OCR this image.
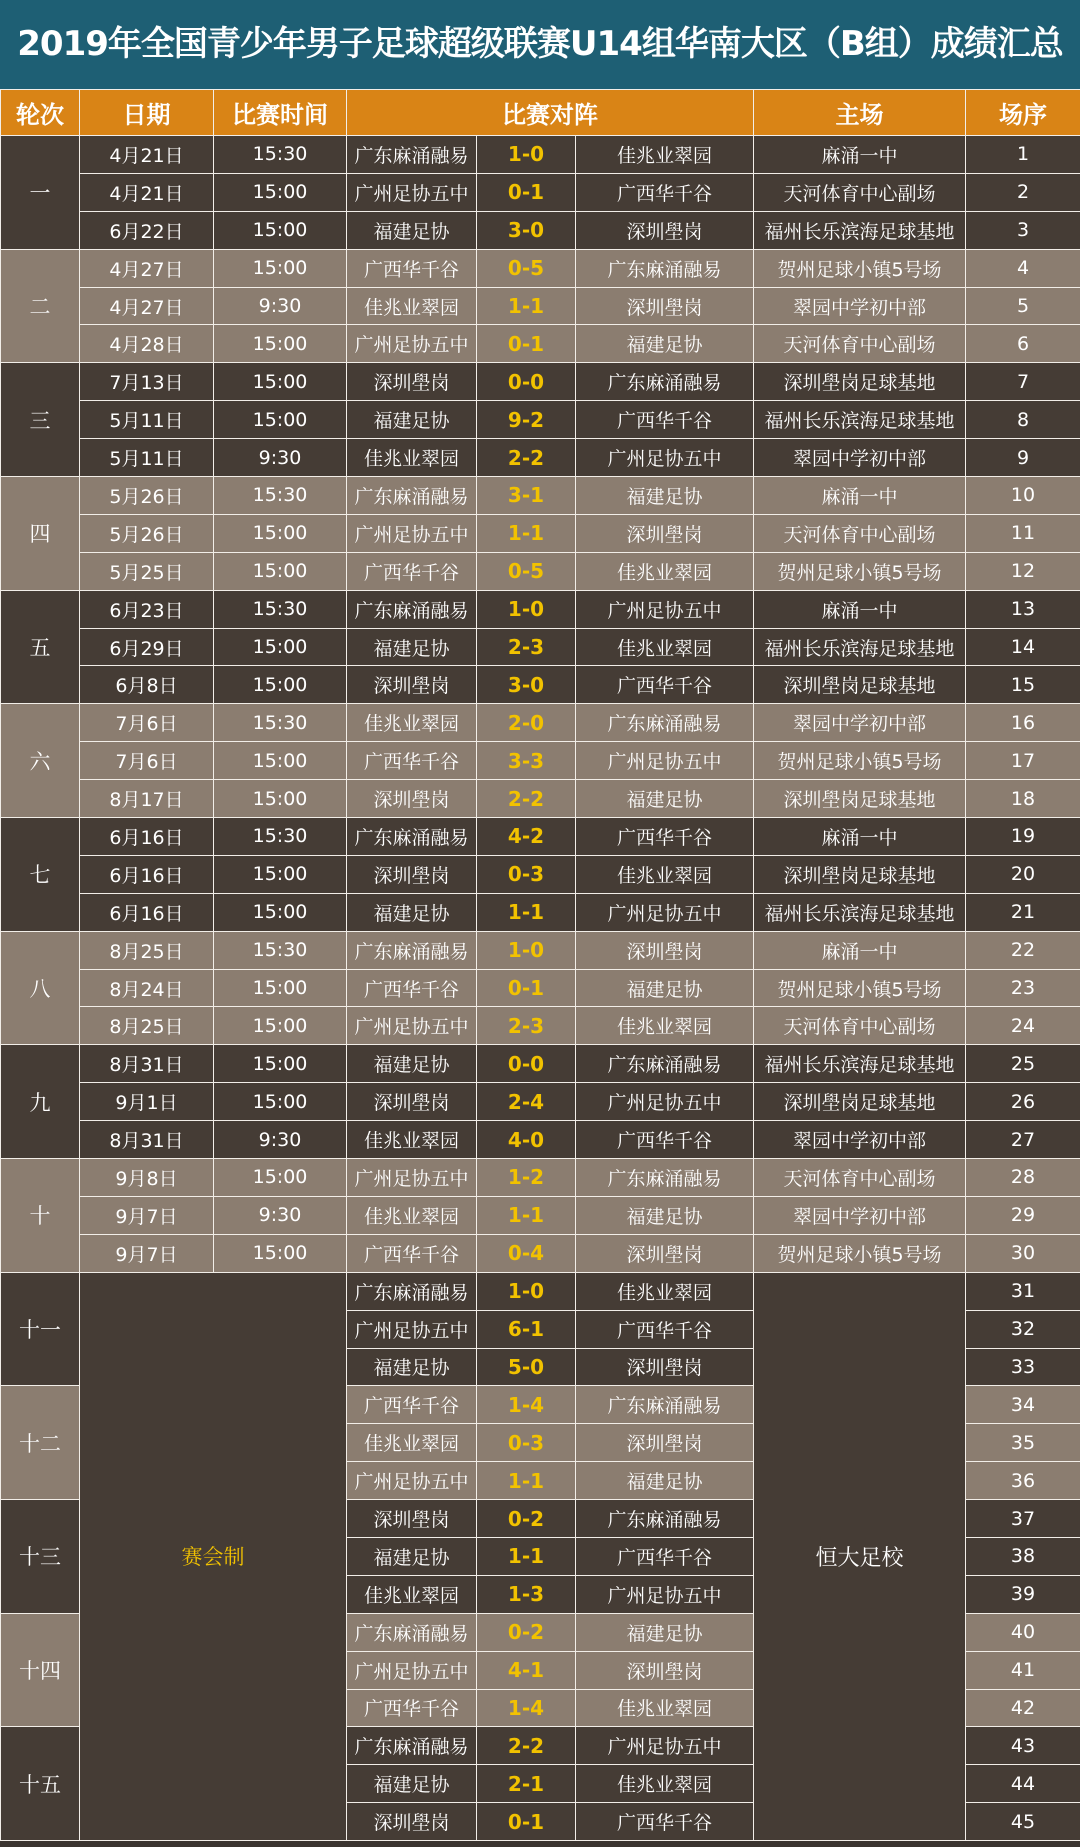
2019年全国青少年男子足球超级联赛U14组华南大区（B组）成绩汇总
轮次	日期	比赛时间	比赛对阵			主场	场序
一	4月21日	15:30	广东麻涌融易	1-0	佳兆业翠园	麻涌一中	1
	4月21日	15:00	广州足协五中	0-1	广西华千谷	天河体育中心副场	2
	6月22日	15:00	福建足协	3-0	深圳壆岗	福州长乐滨海足球基地	3
二	4月27日	15:00	广西华千谷	0-5	广东麻涌融易	贺州足球小镇5号场	4
	4月27日	9:30	佳兆业翠园	1-1	深圳壆岗	翠园中学初中部	5
	4月28日	15:00	广州足协五中	0-1	福建足协	天河体育中心副场	6
三	7月13日	15:00	深圳壆岗	0-0	广东麻涌融易	深圳壆岗足球基地	7
	5月11日	15:00	福建足协	9-2	广西华千谷	福州长乐滨海足球基地	8
	5月11日	9:30	佳兆业翠园	2-2	广州足协五中	翠园中学初中部	9
四	5月26日	15:30	广东麻涌融易	3-1	福建足协	麻涌一中	10
	5月26日	15:00	广州足协五中	1-1	深圳壆岗	天河体育中心副场	11
	5月25日	15:00	广西华千谷	0-5	佳兆业翠园	贺州足球小镇5号场	12
五	6月23日	15:30	广东麻涌融易	1-0	广州足协五中	麻涌一中	13
	6月29日	15:00	福建足协	2-3	佳兆业翠园	福州长乐滨海足球基地	14
	6月8日	15:00	深圳壆岗	3-0	广西华千谷	深圳壆岗足球基地	15
六	7月6日	15:30	佳兆业翠园	2-0	广东麻涌融易	翠园中学初中部	16
	7月6日	15:00	广西华千谷	3-3	广州足协五中	贺州足球小镇5号场	17
	8月17日	15:00	深圳壆岗	2-2	福建足协	深圳壆岗足球基地	18
七	6月16日	15:30	广东麻涌融易	4-2	广西华千谷	麻涌一中	19
	6月16日	15:00	深圳壆岗	0-3	佳兆业翠园	深圳壆岗足球基地	20
	6月16日	15:00	福建足协	1-1	广州足协五中	福州长乐滨海足球基地	21
八	8月25日	15:30	广东麻涌融易	1-0	深圳壆岗	麻涌一中	22
	8月24日	15:00	广西华千谷	0-1	福建足协	贺州足球小镇5号场	23
	8月25日	15:00	广州足协五中	2-3	佳兆业翠园	天河体育中心副场	24
九	8月31日	15:00	福建足协	0-0	广东麻涌融易	福州长乐滨海足球基地	25
	9月1日	15:00	深圳壆岗	2-4	广州足协五中	深圳壆岗足球基地	26
	8月31日	9:30	佳兆业翠园	4-0	广西华千谷	翠园中学初中部	27
十	9月8日	15:00	广州足协五中	1-2	广东麻涌融易	天河体育中心副场	28
	9月7日	9:30	佳兆业翠园	1-1	福建足协	翠园中学初中部	29
	9月7日	15:00	广西华千谷	0-4	深圳壆岗	贺州足球小镇5号场	30
十一	赛会制		广东麻涌融易	1-0	佳兆业翠园	恒大足校	31
			广州足协五中	6-1	广西华千谷		32
			福建足协	5-0	深圳壆岗		33
十二			广西华千谷	1-4	广东麻涌融易		34
			佳兆业翠园	0-3	深圳壆岗		35
			广州足协五中	1-1	福建足协		36
十三			深圳壆岗	0-2	广东麻涌融易		37
			福建足协	1-1	广西华千谷		38
			佳兆业翠园	1-3	广州足协五中		39
十四			广东麻涌融易	0-2	福建足协		40
			广州足协五中	4-1	深圳壆岗		41
			广西华千谷	1-4	佳兆业翠园		42
十五			广东麻涌融易	2-2	广州足协五中		43
			福建足协	2-1	佳兆业翠园		44
			深圳壆岗	0-1	广西华千谷		45
